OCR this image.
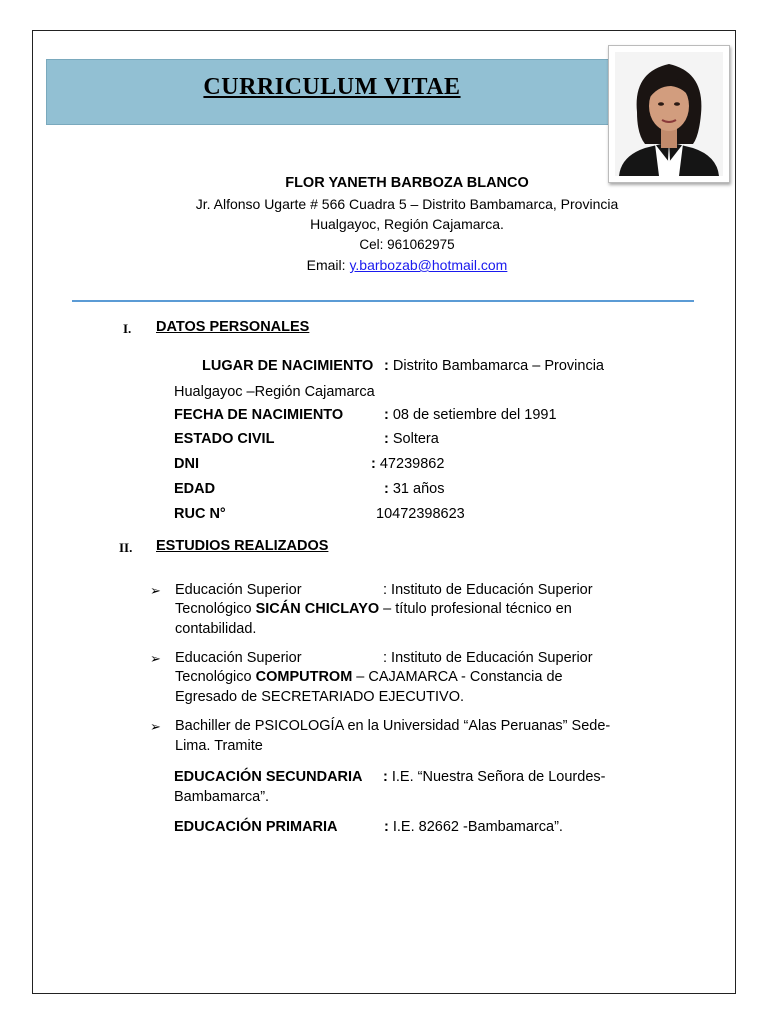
CURRICULUM VITAE
FLOR YANETH BARBOZA BLANCO
Jr. Alfonso Ugarte # 566 Cuadra 5 – Distrito Bambamarca, Provincia
Hualgayoc, Región Cajamarca.
Cel: 961062975
Email: y.barbozab@hotmail.com
I. DATOS PERSONALES
LUGAR DE NACIMIENTO : Distrito Bambamarca – Provincia
Hualgayoc –Región Cajamarca
FECHA DE NACIMIENTO	: 08 de setiembre del 1991
ESTADO CIVIL	: Soltera
DNI	: 47239862
EDAD	: 31 años
RUC N°	10472398623
II. ESTUDIOS REALIZADOS
➢ Educación Superior	: Instituto de Educación Superior
Tecnológico SICÁN CHICLAYO – título profesional técnico en
contabilidad.
➢ Educación Superior	: Instituto de Educación Superior
Tecnológico COMPUTROM – CAJAMARCA - Constancia de
Egresado de SECRETARIADO EJECUTIVO.
➢ Bachiller de PSICOLOGÍA en la Universidad “Alas Peruanas” Sede-
Lima. Tramite
EDUCACIÓN SECUNDARIA : I.E. “Nuestra Señora de Lourdes-
Bambamarca”.
EDUCACIÓN PRIMARIA	: I.E. 82662 -Bambamarca”.
